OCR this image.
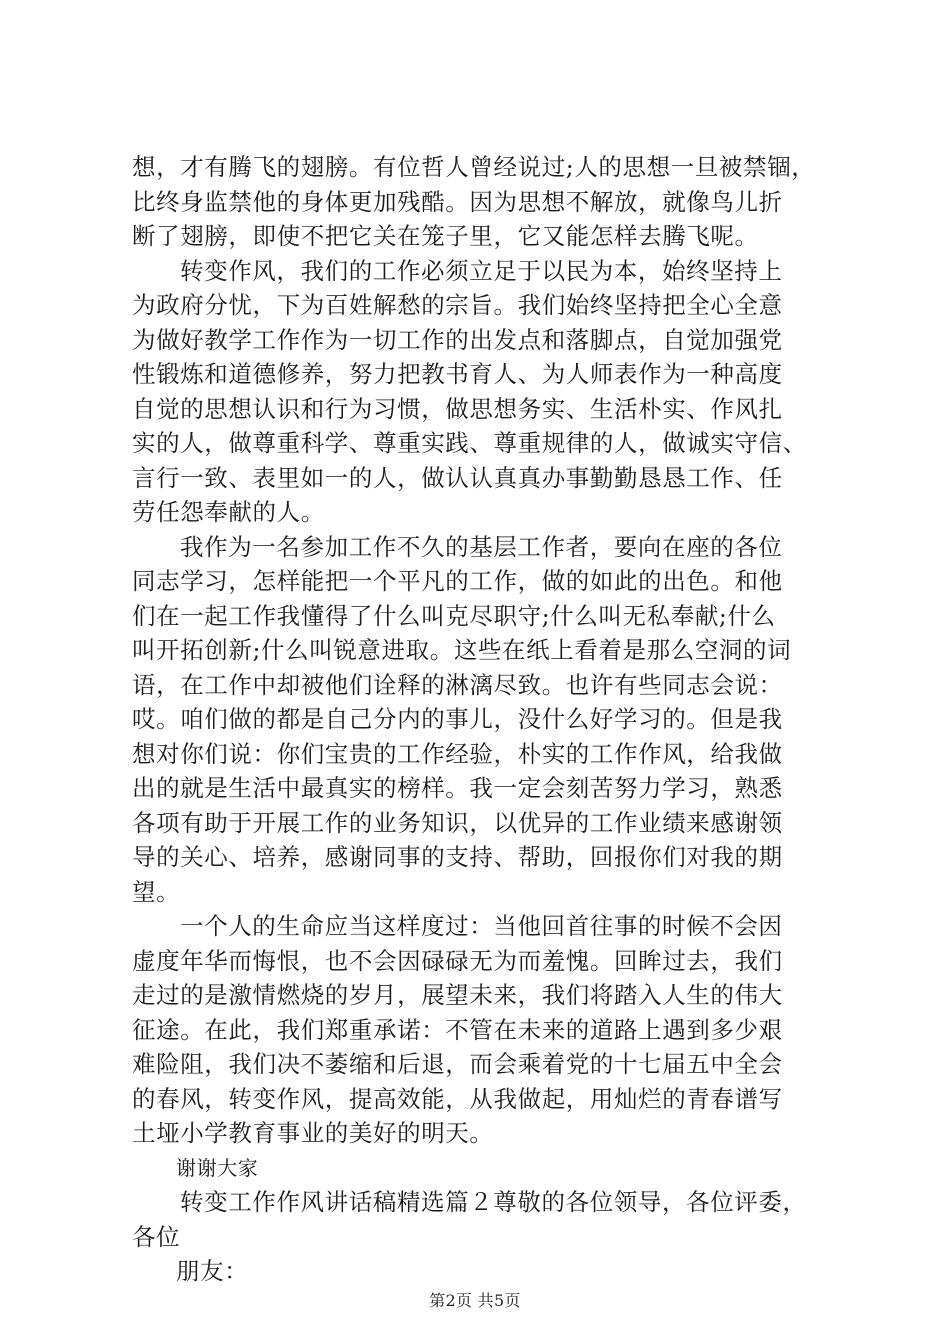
想，才有腾飞的翅膀。有位哲人曾经说过;人的思想一旦被禁锢，
比终身监禁他的身体更加残酷。因为思想不解放，就像鸟儿折
断了翅膀，即使不把它关在笼子里，它又能怎样去腾飞呢。
转变作风，我们的工作必须立足于以民为本，始终坚持上
为政府分忧，下为百姓解愁的宗旨。我们始终坚持把全心全意
为做好教学工作作为一切工作的出发点和落脚点，自觉加强党
性锻炼和道德修养，努力把教书育人、为人师表作为一种高度
自觉的思想认识和行为习惯，做思想务实、生活朴实、作风扎
实的人，做尊重科学、尊重实践、尊重规律的人，做诚实守信、
言行一致、表里如一的人，做认认真真办事勤勤恳恳工作、任
劳任怨奉献的人。
我作为一名参加工作不久的基层工作者，要向在座的各位
同志学习，怎样能把一个平凡的工作，做的如此的出色。和他
们在一起工作我懂得了什么叫克尽职守;什么叫无私奉献;什么
叫开拓创新;什么叫锐意进取。这些在纸上看着是那么空洞的词
语，在工作中却被他们诠释的淋漓尽致。也许有些同志会说：
哎。咱们做的都是自己分内的事儿，没什么好学习的。但是我
想对你们说：你们宝贵的工作经验，朴实的工作作风，给我做
出的就是生活中最真实的榜样。我一定会刻苦努力学习，熟悉
各项有助于开展工作的业务知识，以优异的工作业绩来感谢领
导的关心、培养，感谢同事的支持、帮助，回报你们对我的期
望。
一个人的生命应当这样度过：当他回首往事的时候不会因
虚度年华而悔恨，也不会因碌碌无为而羞愧。回眸过去，我们
走过的是激情燃烧的岁月，展望未来，我们将踏入人生的伟大
征途。在此，我们郑重承诺：不管在未来的道路上遇到多少艰
难险阻，我们决不萎缩和后退，而会乘着党的十七届五中全会
的春风，转变作风，提高效能，从我做起，用灿烂的青春谱写
土垭小学教育事业的美好的明天。
谢谢大家
转变工作作风讲话稿精选篇２尊敬的各位领导，各位评委，
各位
朋友：
第2页 共5页
